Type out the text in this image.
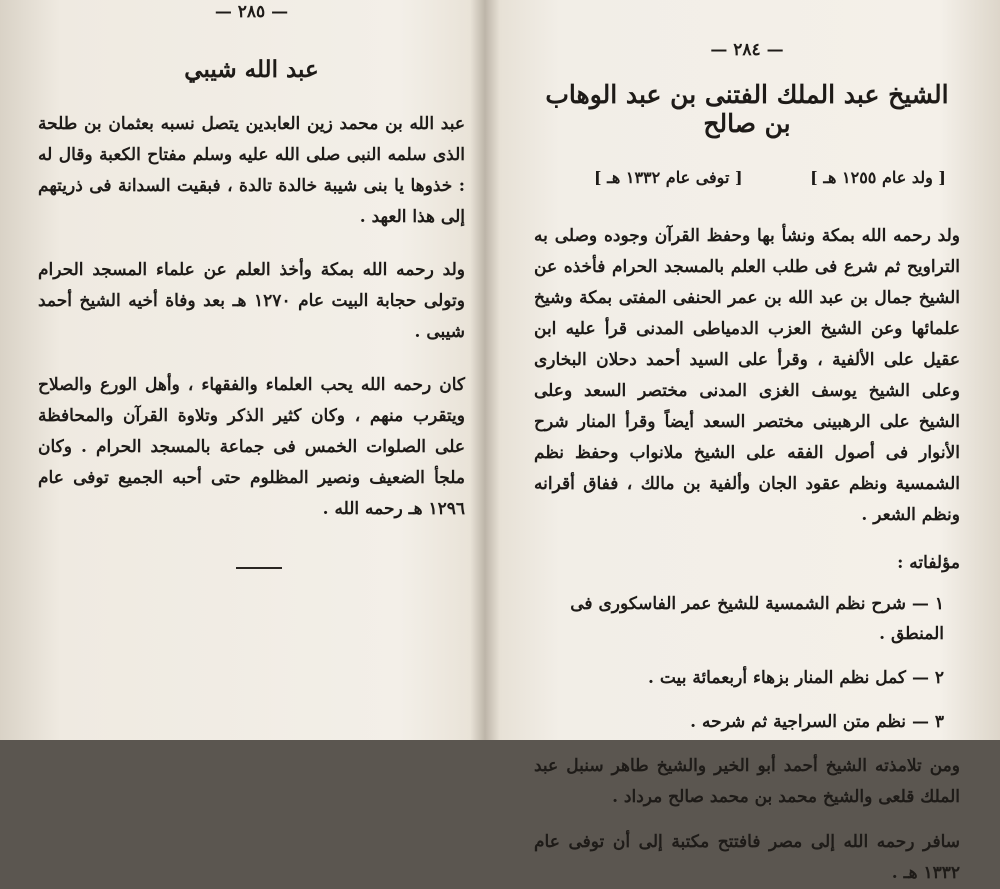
— ٢٨٥ —
عبد الله شيبي

عبد الله بن محمد زين العابدين يتصل نسبه بعثمان بن طلحة الذى سلمه النبى صلى الله عليه وسلم مفتاح الكعبة وقال له : خذوها يا بنى شيبة خالدة تالدة ، فبقيت السدانة فى ذريتهم إلى هذا العهد .

ولد رحمه الله بمكة وأخذ العلم عن علماء المسجد الحرام وتولى حجابة البيت عام ١٢٧٠ هـ بعد وفاة أخيه الشيخ أحمد شيبى .

كان رحمه الله يحب العلماء والفقهاء ، وأهل الورع والصلاح ويتقرب منهم ، وكان كثير الذكر وتلاوة القرآن والمحافظة على الصلوات الخمس فى جماعة بالمسجد الحرام . وكان ملجأ الضعيف ونصير المظلوم حتى أحبه الجميع توفى عام ١٢٩٦ هـ رحمه الله .

— ٢٨٤ —
الشيخ عبد الملك الفتنى بن عبد الوهاب بن صالح
[ ولد عام ١٢٥٥ هـ ]
[ توفى عام ١٣٣٢ هـ ]

ولد رحمه الله بمكة ونشأ بها وحفظ القرآن وجوده وصلى به التراويح ثم شرع فى طلب العلم بالمسجد الحرام فأخذه عن الشيخ جمال بن عبد الله بن عمر الحنفى المفتى بمكة وشيخ علمائها وعن الشيخ العزب الدمياطى المدنى قرأ عليه ابن عقيل على الألفية ، وقرأ على السيد أحمد دحلان البخارى وعلى الشيخ يوسف الغزى المدنى مختصر السعد وعلى الشيخ على الرهبينى مختصر السعد أيضاً وقرأ المنار شرح الأنوار فى أصول الفقه على الشيخ ملانواب وحفظ نظم الشمسية ونظم عقود الجان وألفية بن مالك ، ففاق أقرانه ونظم الشعر .

مؤلفاته :
١ — شرح نظم الشمسية للشيخ عمر الفاسكورى فى المنطق .
٢ — كمل نظم المنار بزهاء أربعمائة بيت .
٣ — نظم متن السراجية ثم شرحه .

ومن تلامذته الشيخ أحمد أبو الخير والشيخ طاهر سنبل عبد الملك قلعى والشيخ محمد بن محمد صالح مرداد .

سافر رحمه الله إلى مصر فافتتح مكتبة إلى أن توفى عام ١٣٣٢ هـ .
